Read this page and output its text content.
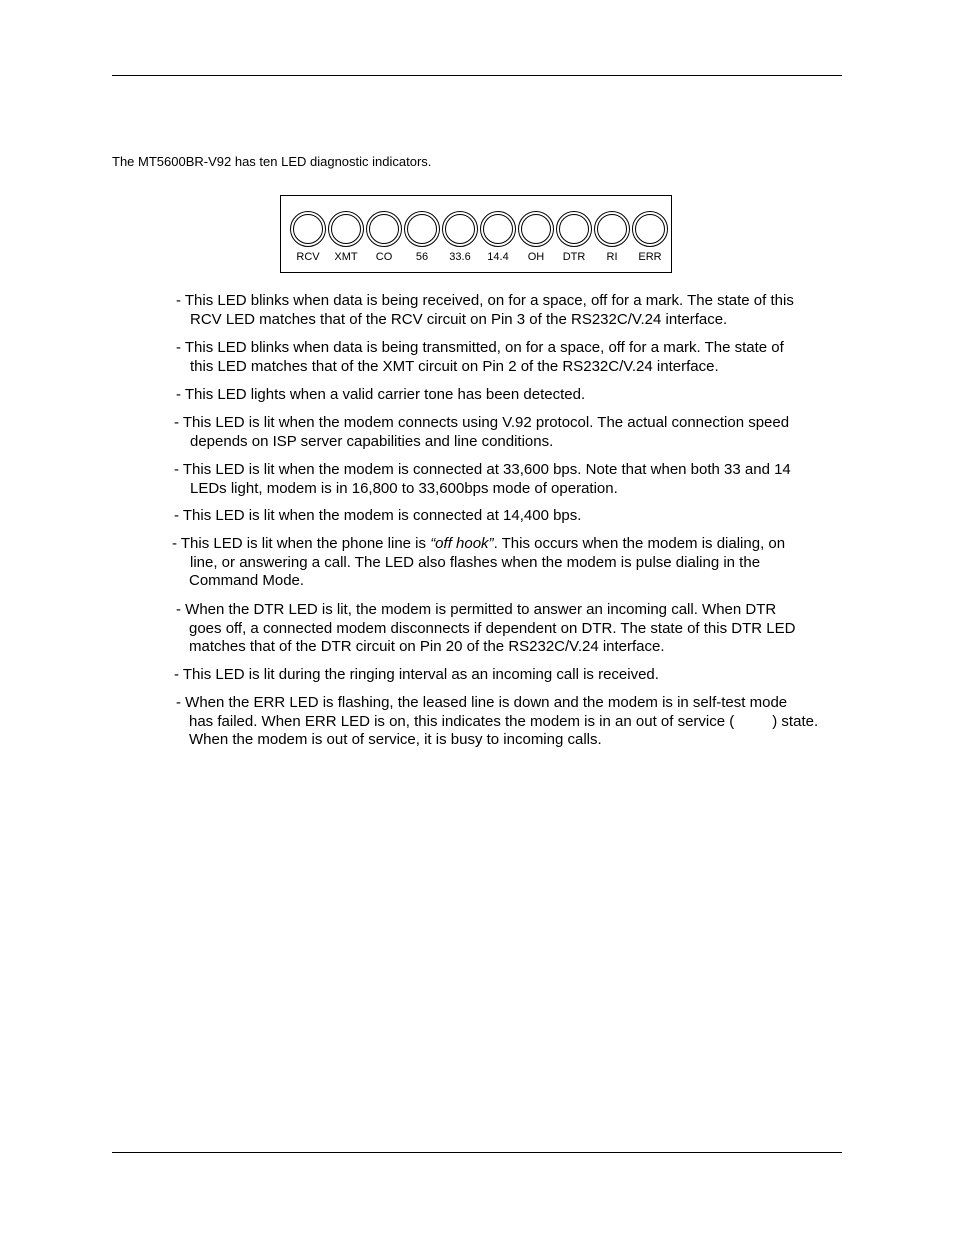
The MT5600BR-V92 has ten LED diagnostic indicators.

RCV	XMT	CO	56	33.6	14.4	OH	DTR	RI	ERR
- This LED blinks when data is being received, on for a space, off for a mark. The state of this
RCV LED matches that of the RCV circuit on Pin 3 of the RS232C/V.24 interface.
- This LED blinks when data is being transmitted, on for a space, off for a mark. The state of
this LED matches that of the XMT circuit on Pin 2 of the RS232C/V.24 interface.
- This LED lights when a valid carrier tone has been detected.
- This LED is lit when the modem connects using V.92 protocol. The actual connection speed
depends on ISP server capabilities and line conditions.
- This LED is lit when the modem is connected at 33,600 bps. Note that when both 33 and 14
LEDs light, modem is in 16,800 to 33,600bps mode of operation.
- This LED is lit when the modem is connected at 14,400 bps.
- This LED is lit when the phone line is “off hook”. This occurs when the modem is dialing, on
line, or answering a call. The LED also flashes when the modem is pulse dialing in the
Command Mode.
- When the DTR LED is lit, the modem is permitted to answer an incoming call. When DTR
goes off, a connected modem disconnects if dependent on DTR. The state of this DTR LED
matches that of the DTR circuit on Pin 20 of the RS232C/V.24 interface.
- This LED is lit during the ringing interval as an incoming call is received.
- When the ERR LED is flashing, the leased line is down and the modem is in self-test mode
has failed. When ERR LED is on, this indicates the modem is in an out of service (	) state.
When the modem is out of service, it is busy to incoming calls.
